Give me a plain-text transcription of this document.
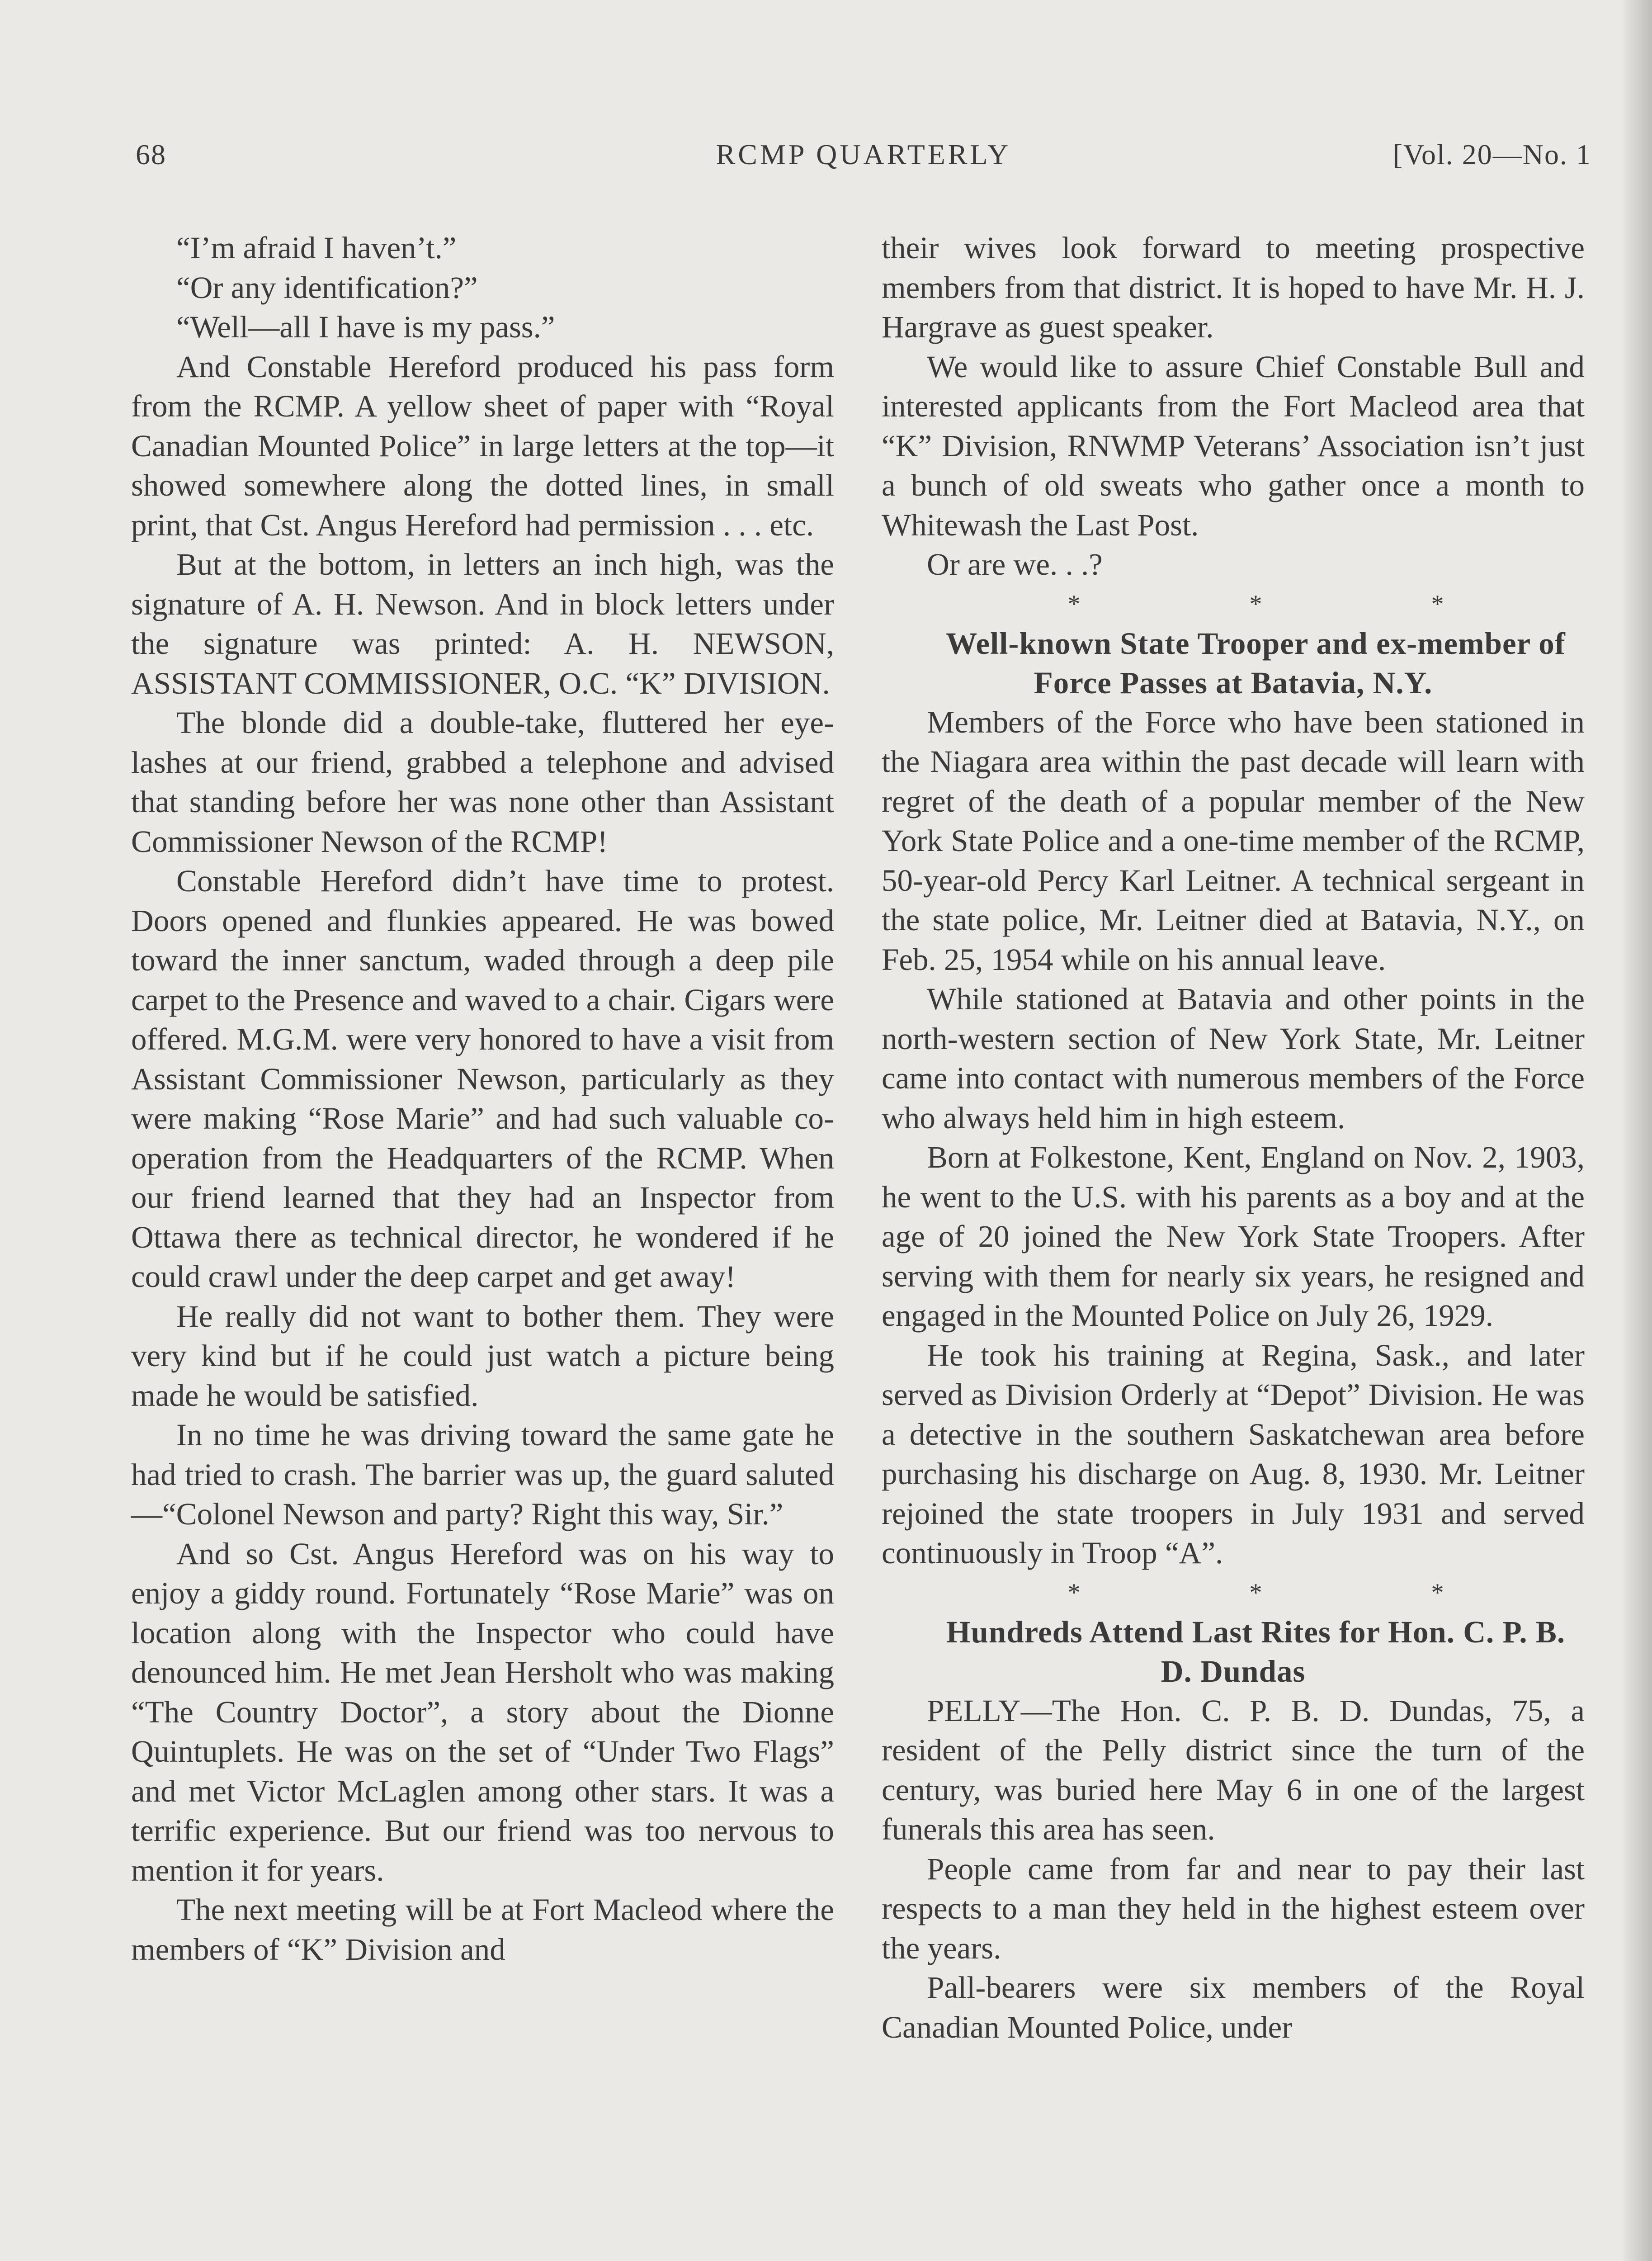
68	RCMP QUARTERLY	[Vol. 20—No. 1

“I’m afraid I haven’t.”

“Or any identification?”

“Well—all I have is my pass.”

And Constable Hereford produced his pass form from the RCMP. A yellow sheet of paper with “Royal Canadian Mounted Police” in large letters at the top—it showed somewhere along the dotted lines, in small print, that Cst. Angus Hereford had permission . . . etc.

But at the bottom, in letters an inch high, was the signature of A. H. Newson. And in block letters under the signature was printed: A. H. NEWSON, ASSISTANT COMMISSIONER, O.C. “K” DIVISION.

The blonde did a double-take, fluttered her eye-lashes at our friend, grabbed a telephone and advised that standing before her was none other than Assistant Commissioner Newson of the RCMP!

Constable Hereford didn’t have time to protest. Doors opened and flunkies appeared. He was bowed toward the inner sanctum, waded through a deep pile carpet to the Presence and waved to a chair. Cigars were offered. M.G.M. were very honored to have a visit from Assistant Commissioner Newson, particularly as they were making “Rose Marie” and had such valuable co-operation from the Headquarters of the RCMP. When our friend learned that they had an Inspector from Ottawa there as technical director, he wondered if he could crawl under the deep carpet and get away!

He really did not want to bother them. They were very kind but if he could just watch a picture being made he would be satisfied.

In no time he was driving toward the same gate he had tried to crash. The barrier was up, the guard saluted—“Colonel Newson and party? Right this way, Sir.”

And so Cst. Angus Hereford was on his way to enjoy a giddy round. Fortunately “Rose Marie” was on location along with the Inspector who could have denounced him. He met Jean Hersholt who was making “The Country Doctor”, a story about the Dionne Quintuplets. He was on the set of “Under Two Flags” and met Victor McLaglen among other stars. It was a terrific experience. But our friend was too nervous to mention it for years.

The next meeting will be at Fort Macleod where the members of “K” Division and

their wives look forward to meeting prospective members from that district. It is hoped to have Mr. H. J. Hargrave as guest speaker.

We would like to assure Chief Constable Bull and interested applicants from the Fort Macleod area that “K” Division, RNWMP Veterans’ Association isn’t just a bunch of old sweats who gather once a month to Whitewash the Last Post.

Or are we. . .?

* * *

Well-known State Trooper and ex-member of Force Passes at Batavia, N.Y.

Members of the Force who have been stationed in the Niagara area within the past decade will learn with regret of the death of a popular member of the New York State Police and a one-time member of the RCMP, 50-year-old Percy Karl Leitner. A technical sergeant in the state police, Mr. Leitner died at Batavia, N.Y., on Feb. 25, 1954 while on his annual leave.

While stationed at Batavia and other points in the north-western section of New York State, Mr. Leitner came into contact with numerous members of the Force who always held him in high esteem.

Born at Folkestone, Kent, England on Nov. 2, 1903, he went to the U.S. with his parents as a boy and at the age of 20 joined the New York State Troopers. After serving with them for nearly six years, he resigned and engaged in the Mounted Police on July 26, 1929.

He took his training at Regina, Sask., and later served as Division Orderly at “Depot” Division. He was a detective in the southern Saskatchewan area before purchasing his discharge on Aug. 8, 1930. Mr. Leitner rejoined the state troopers in July 1931 and served continuously in Troop “A”.

* * *

Hundreds Attend Last Rites for Hon. C. P. B. D. Dundas

PELLY—The Hon. C. P. B. D. Dundas, 75, a resident of the Pelly district since the turn of the century, was buried here May 6 in one of the largest funerals this area has seen.

People came from far and near to pay their last respects to a man they held in the highest esteem over the years.

Pall-bearers were six members of the Royal Canadian Mounted Police, under
